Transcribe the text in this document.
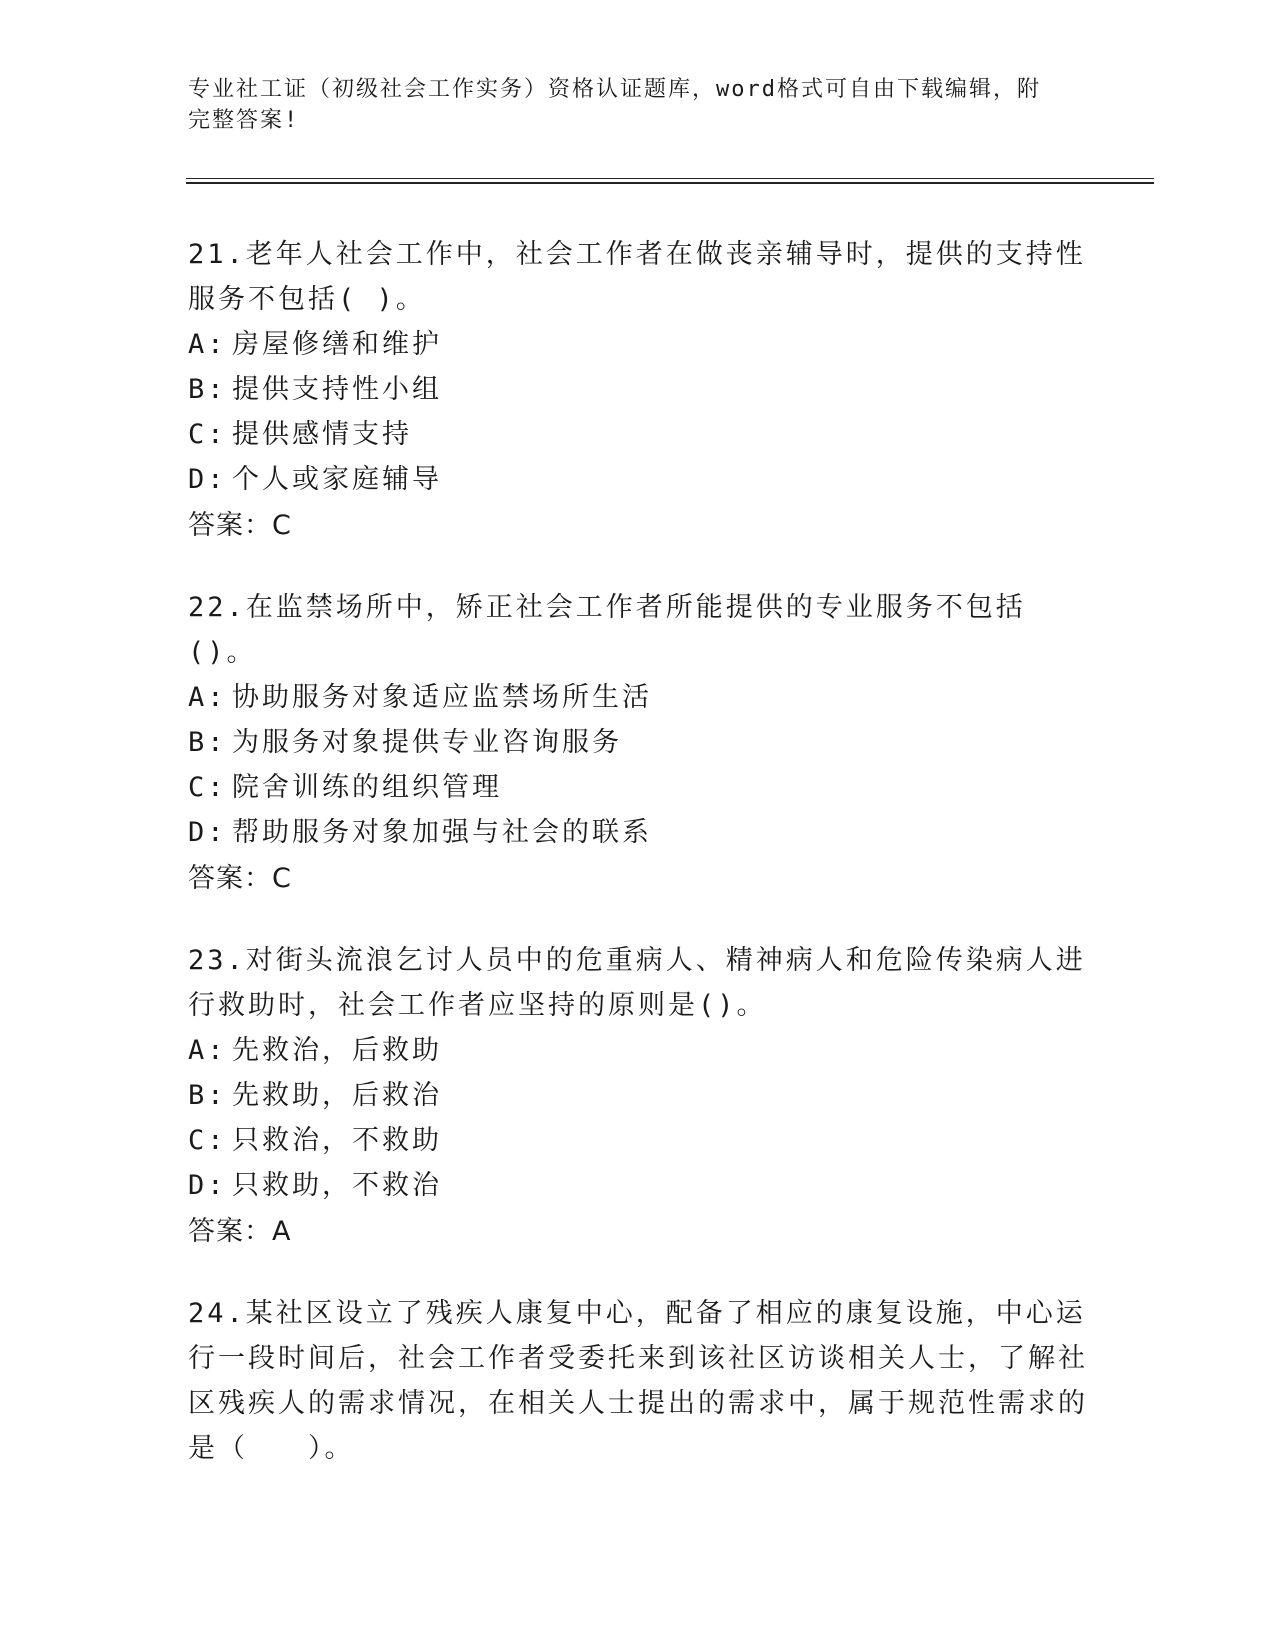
专业社工证（初级社会工作实务）资格认证题库，word格式可自由下载编辑，附
完整答案!

21.老年人社会工作中，社会工作者在做丧亲辅导时，提供的支持性服务不包括( )。

A: 房屋修缮和维护

B: 提供支持性小组

C: 提供感情支持

D: 个人或家庭辅导

答案：C

22.在监禁场所中，矫正社会工作者所能提供的专业服务不包括()。

A: 协助服务对象适应监禁场所生活

B: 为服务对象提供专业咨询服务

C: 院舍训练的组织管理

D: 帮助服务对象加强与社会的联系

答案：C

23.对街头流浪乞讨人员中的危重病人、精神病人和危险传染病人进行救助时，社会工作者应坚持的原则是()。

A: 先救治，后救助

B: 先救助，后救治

C: 只救治，不救助

D: 只救助，不救治

答案：A

24.某社区设立了残疾人康复中心，配备了相应的康复设施，中心运行一段时间后，社会工作者受委托来到该社区访谈相关人士，了解社区残疾人的需求情况，在相关人士提出的需求中，属于规范性需求的是（　　）。
